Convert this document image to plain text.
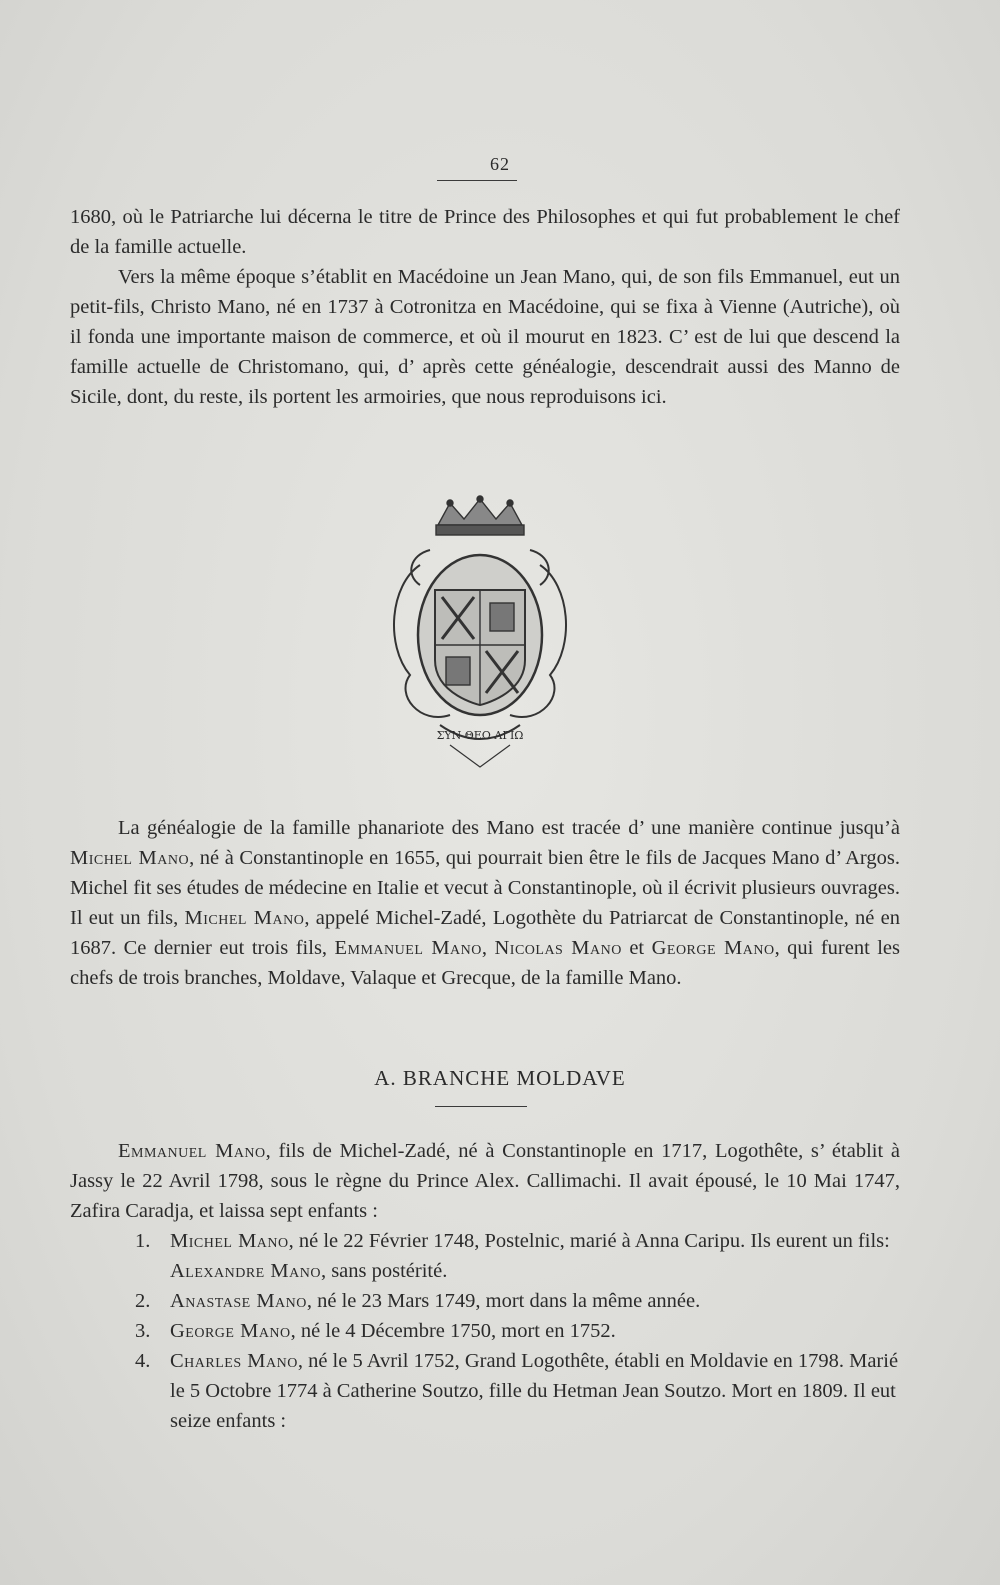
62

1680, où le Patriarche lui décerna le titre de Prince des Philosophes et qui fut probablement le chef de la famille actuelle.

Vers la même époque s’établit en Macédoine un Jean Mano, qui, de son fils Emmanuel, eut un petit-fils, Christo Mano, né en 1737 à Cotronitza en Macédoine, qui se fixa à Vienne (Autriche), où il fonda une importante maison de commerce, et où il mourut en 1823. C’ est de lui que descend la famille actuelle de Christomano, qui, d’ après cette généalogie, descendrait aussi des Manno de Sicile, dont, du reste, ils portent les armoiries, que nous reproduisons ici.

ΣΥΝ ΘΕΩ ΑΓΙΩ
La généalogie de la famille phanariote des Mano est tracée d’ une manière continue jusqu’à Michel Mano, né à Constantinople en 1655, qui pourrait bien être le fils de Jacques Mano d’ Argos. Michel fit ses études de médecine en Italie et vecut à Constantinople, où il écrivit plusieurs ouvrages. Il eut un fils, Michel Mano, appelé Michel-Zadé, Logothète du Patriarcat de Constantinople, né en 1687. Ce dernier eut trois fils, Emmanuel Mano, Nicolas Mano et George Mano, qui furent les chefs de trois branches, Moldave, Valaque et Grecque, de la famille Mano.
A. BRANCHE MOLDAVE
Emmanuel Mano, fils de Michel-Zadé, né à Constantinople en 1717, Logothête, s’ établit à Jassy le 22 Avril 1798, sous le règne du Prince Alex. Callimachi. Il avait épousé, le 10 Mai 1747, Zafira Caradja, et laissa sept enfants :
1. Michel Mano, né le 22 Février 1748, Postelnic, marié à Anna Caripu. Ils eurent un fils: Alexandre Mano, sans postérité.
2. Anastase Mano, né le 23 Mars 1749, mort dans la même année.
3. George Mano, né le 4 Décembre 1750, mort en 1752.
4. Charles Mano, né le 5 Avril 1752, Grand Logothête, établi en Moldavie en 1798. Marié le 5 Octobre 1774 à Catherine Soutzo, fille du Hetman Jean Soutzo. Mort en 1809. Il eut seize enfants :
